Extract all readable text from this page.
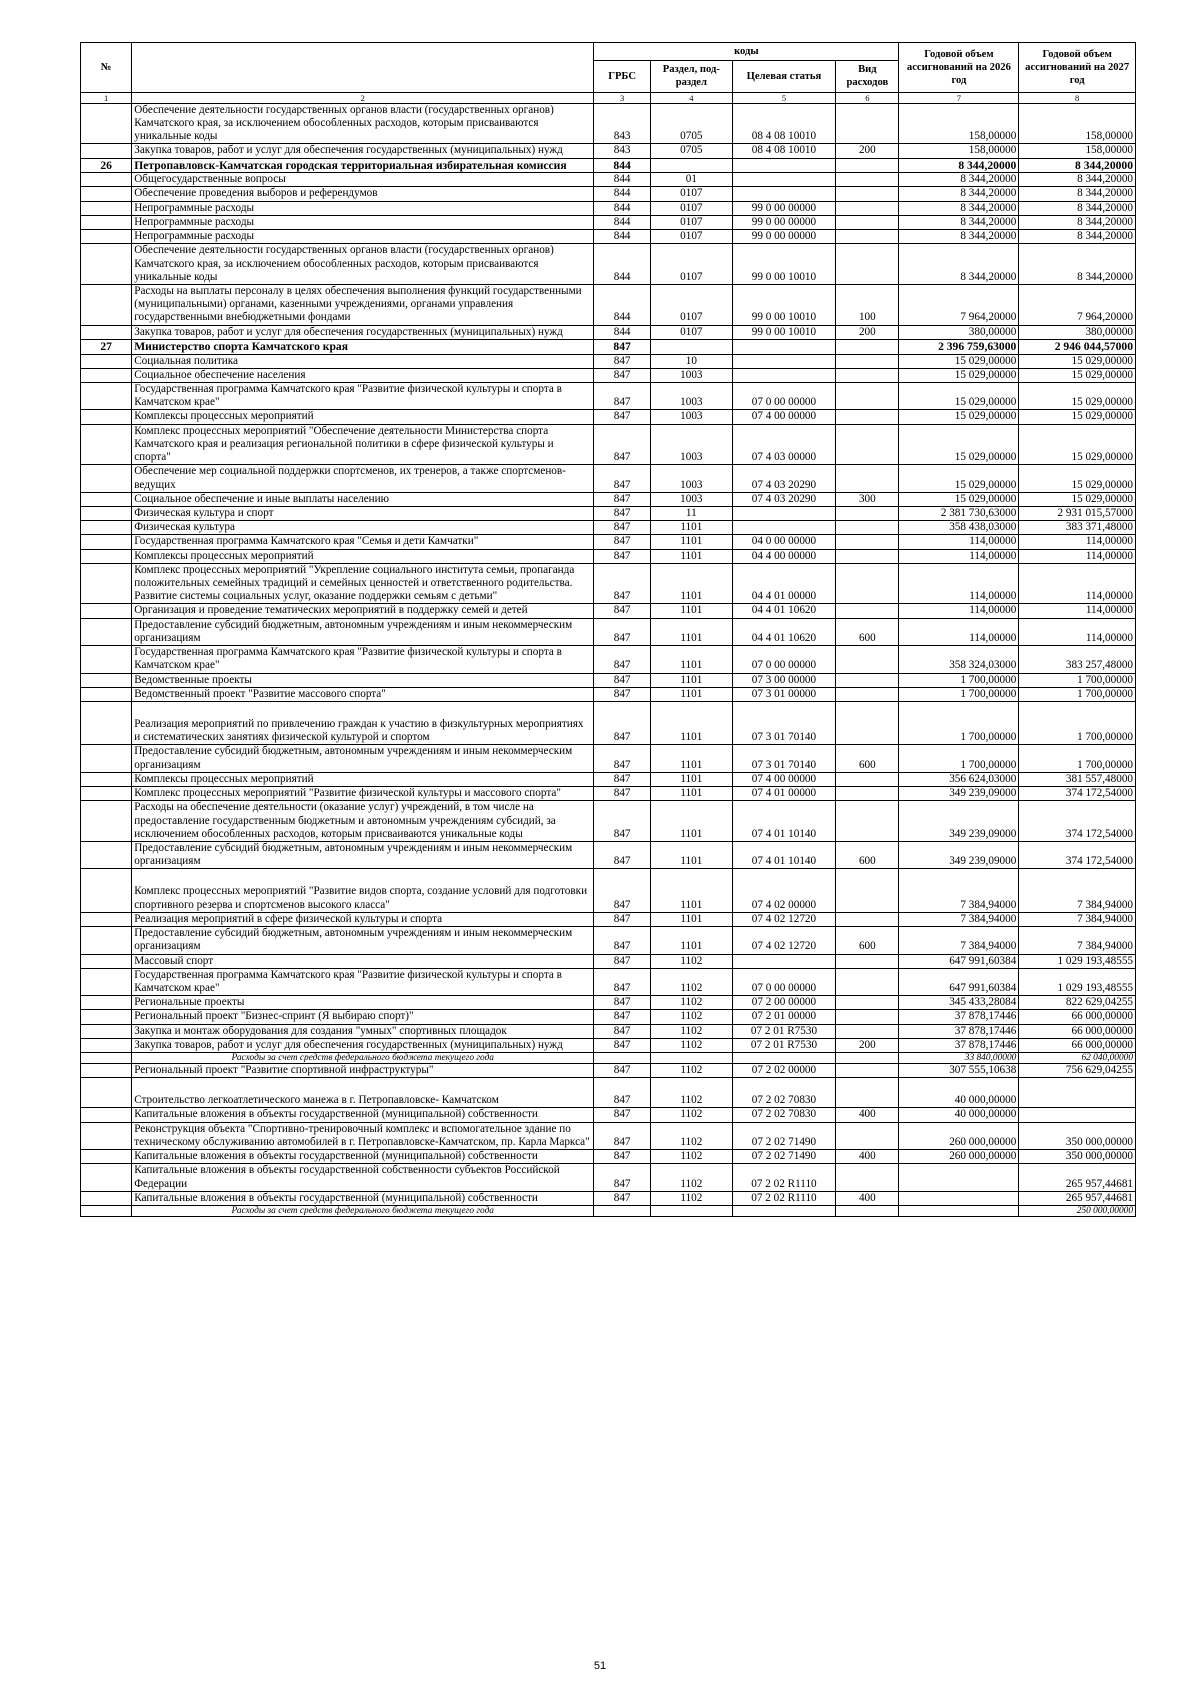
№		коды				Годовой объем ассигнований на 2026 год	Годовой объем ассигнований на 2027 год
		ГРБС	Раздел, под-раздел	Целевая статья	Вид расходов		
1	2	3	4	5	6	7	8
	Обеспечение деятельности государственных органов власти (государственных органов) Камчатского края, за исключением обособленных расходов, которым присваиваются уникальные коды	843	0705	08 4 08 10010		158,00000	158,00000
	Закупка товаров, работ и услуг для обеспечения государственных (муниципальных) нужд	843	0705	08 4 08 10010	200	158,00000	158,00000
26	Петропавловск-Камчатская городская территориальная избирательная комиссия	844				8 344,20000	8 344,20000
	Общегосударственные вопросы	844	01			8 344,20000	8 344,20000
	Обеспечение проведения выборов и референдумов	844	0107			8 344,20000	8 344,20000
	Непрограммные расходы	844	0107	99 0 00 00000		8 344,20000	8 344,20000
	Непрограммные расходы	844	0107	99 0 00 00000		8 344,20000	8 344,20000
	Непрограммные расходы	844	0107	99 0 00 00000		8 344,20000	8 344,20000
	Обеспечение деятельности государственных органов власти (государственных органов) Камчатского края, за исключением обособленных расходов, которым присваиваются уникальные коды	844	0107	99 0 00 10010		8 344,20000	8 344,20000
	Расходы на выплаты персоналу в целях обеспечения выполнения функций государственными (муниципальными) органами, казенными учреждениями, органами управления государственными внебюджетными фондами	844	0107	99 0 00 10010	100	7 964,20000	7 964,20000
	Закупка товаров, работ и услуг для обеспечения государственных (муниципальных) нужд	844	0107	99 0 00 10010	200	380,00000	380,00000
27	Министерство спорта Камчатского края	847				2 396 759,63000	2 946 044,57000
	Социальная политика	847	10			15 029,00000	15 029,00000
	Социальное обеспечение населения	847	1003			15 029,00000	15 029,00000
	Государственная программа Камчатского края "Развитие физической культуры и спорта в Камчатском крае"	847	1003	07 0 00 00000		15 029,00000	15 029,00000
	Комплексы процессных мероприятий	847	1003	07 4 00 00000		15 029,00000	15 029,00000
	Комплекс процессных мероприятий "Обеспечение деятельности Министерства спорта Камчатского края и реализация региональной политики в сфере физической культуры и спорта"	847	1003	07 4 03 00000		15 029,00000	15 029,00000
	Обеспечение мер социальной поддержки спортсменов, их тренеров, а также спортсменов-ведущих	847	1003	07 4 03 20290		15 029,00000	15 029,00000
	Социальное обеспечение и иные выплаты населению	847	1003	07 4 03 20290	300	15 029,00000	15 029,00000
	Физическая культура и спорт	847	11			2 381 730,63000	2 931 015,57000
	Физическая культура	847	1101			358 438,03000	383 371,48000
	Государственная программа Камчатского края "Семья и дети Камчатки"	847	1101	04 0 00 00000		114,00000	114,00000
	Комплексы процессных мероприятий	847	1101	04 4 00 00000		114,00000	114,00000
	Комплекс процессных мероприятий "Укрепление социального института семьи, пропаганда положительных семейных традиций и семейных ценностей и ответственного родительства. Развитие системы социальных услуг, оказание поддержки семьям с детьми"	847	1101	04 4 01 00000		114,00000	114,00000
	Организация и проведение тематических мероприятий в поддержку семей и детей	847	1101	04 4 01 10620		114,00000	114,00000
	Предоставление субсидий бюджетным, автономным учреждениям и иным некоммерческим организациям	847	1101	04 4 01 10620	600	114,00000	114,00000
	Государственная программа Камчатского края "Развитие физической культуры и спорта в Камчатском крае"	847	1101	07 0 00 00000		358 324,03000	383 257,48000
	Ведомственные проекты	847	1101	07 3 00 00000		1 700,00000	1 700,00000
	Ведомственный проект "Развитие массового спорта"	847	1101	07 3 01 00000		1 700,00000	1 700,00000
	Реализация мероприятий по привлечению граждан к участию в физкультурных мероприятиях и систематических занятиях физической культурой и спортом	847	1101	07 3 01 70140		1 700,00000	1 700,00000
	Предоставление субсидий бюджетным, автономным учреждениям и иным некоммерческим организациям	847	1101	07 3 01 70140	600	1 700,00000	1 700,00000
	Комплексы процессных мероприятий	847	1101	07 4 00 00000		356 624,03000	381 557,48000
	Комплекс процессных мероприятий "Развитие физической культуры и массового спорта"	847	1101	07 4 01 00000		349 239,09000	374 172,54000
	Расходы на обеспечение деятельности (оказание услуг) учреждений, в том числе на предоставление государственным бюджетным и автономным учреждениям субсидий, за исключением обособленных расходов, которым присваиваются уникальные коды	847	1101	07 4 01 10140		349 239,09000	374 172,54000
	Предоставление субсидий бюджетным, автономным учреждениям и иным некоммерческим организациям	847	1101	07 4 01 10140	600	349 239,09000	374 172,54000
	Комплекс процессных мероприятий "Развитие видов спорта, создание условий для подготовки спортивного резерва и спортсменов высокого класса"	847	1101	07 4 02 00000		7 384,94000	7 384,94000
	Реализация мероприятий в сфере физической культуры и спорта	847	1101	07 4 02 12720		7 384,94000	7 384,94000
	Предоставление субсидий бюджетным, автономным учреждениям и иным некоммерческим организациям	847	1101	07 4 02 12720	600	7 384,94000	7 384,94000
	Массовый спорт	847	1102			647 991,60384	1 029 193,48555
	Государственная программа Камчатского края "Развитие физической культуры и спорта в Камчатском крае"	847	1102	07 0 00 00000		647 991,60384	1 029 193,48555
	Региональные проекты	847	1102	07 2 00 00000		345 433,28084	822 629,04255
	Региональный проект "Бизнес-спринт (Я выбираю спорт)"	847	1102	07 2 01 00000		37 878,17446	66 000,00000
	Закупка и монтаж оборудования для создания "умных" спортивных площадок	847	1102	07 2 01 R7530		37 878,17446	66 000,00000
	Закупка товаров, работ и услуг для обеспечения государственных (муниципальных) нужд	847	1102	07 2 01 R7530	200	37 878,17446	66 000,00000
	Расходы за счет средств федерального бюджета текущего года					33 840,00000	62 040,00000
	Региональный проект "Развитие спортивной инфраструктуры"	847	1102	07 2 02 00000		307 555,10638	756 629,04255
	Строительство легкоатлетического манежа в г. Петропавловске- Камчатском	847	1102	07 2 02 70830		40 000,00000	
	Капитальные вложения в объекты государственной (муниципальной) собственности	847	1102	07 2 02 70830	400	40 000,00000	
	Реконструкция объекта "Спортивно-тренировочный комплекс и вспомогательное здание по техническому обслуживанию автомобилей в г. Петропавловске-Камчатском, пр. Карла Маркса"	847	1102	07 2 02 71490		260 000,00000	350 000,00000
	Капитальные вложения в объекты государственной (муниципальной) собственности	847	1102	07 2 02 71490	400	260 000,00000	350 000,00000
	Капитальные вложения в объекты государственной собственности субъектов Российской Федерации	847	1102	07 2 02 R1110			265 957,44681
	Капитальные вложения в объекты государственной (муниципальной) собственности	847	1102	07 2 02 R1110	400		265 957,44681
	Расходы за счет средств федерального бюджета текущего года						250 000,00000
51
